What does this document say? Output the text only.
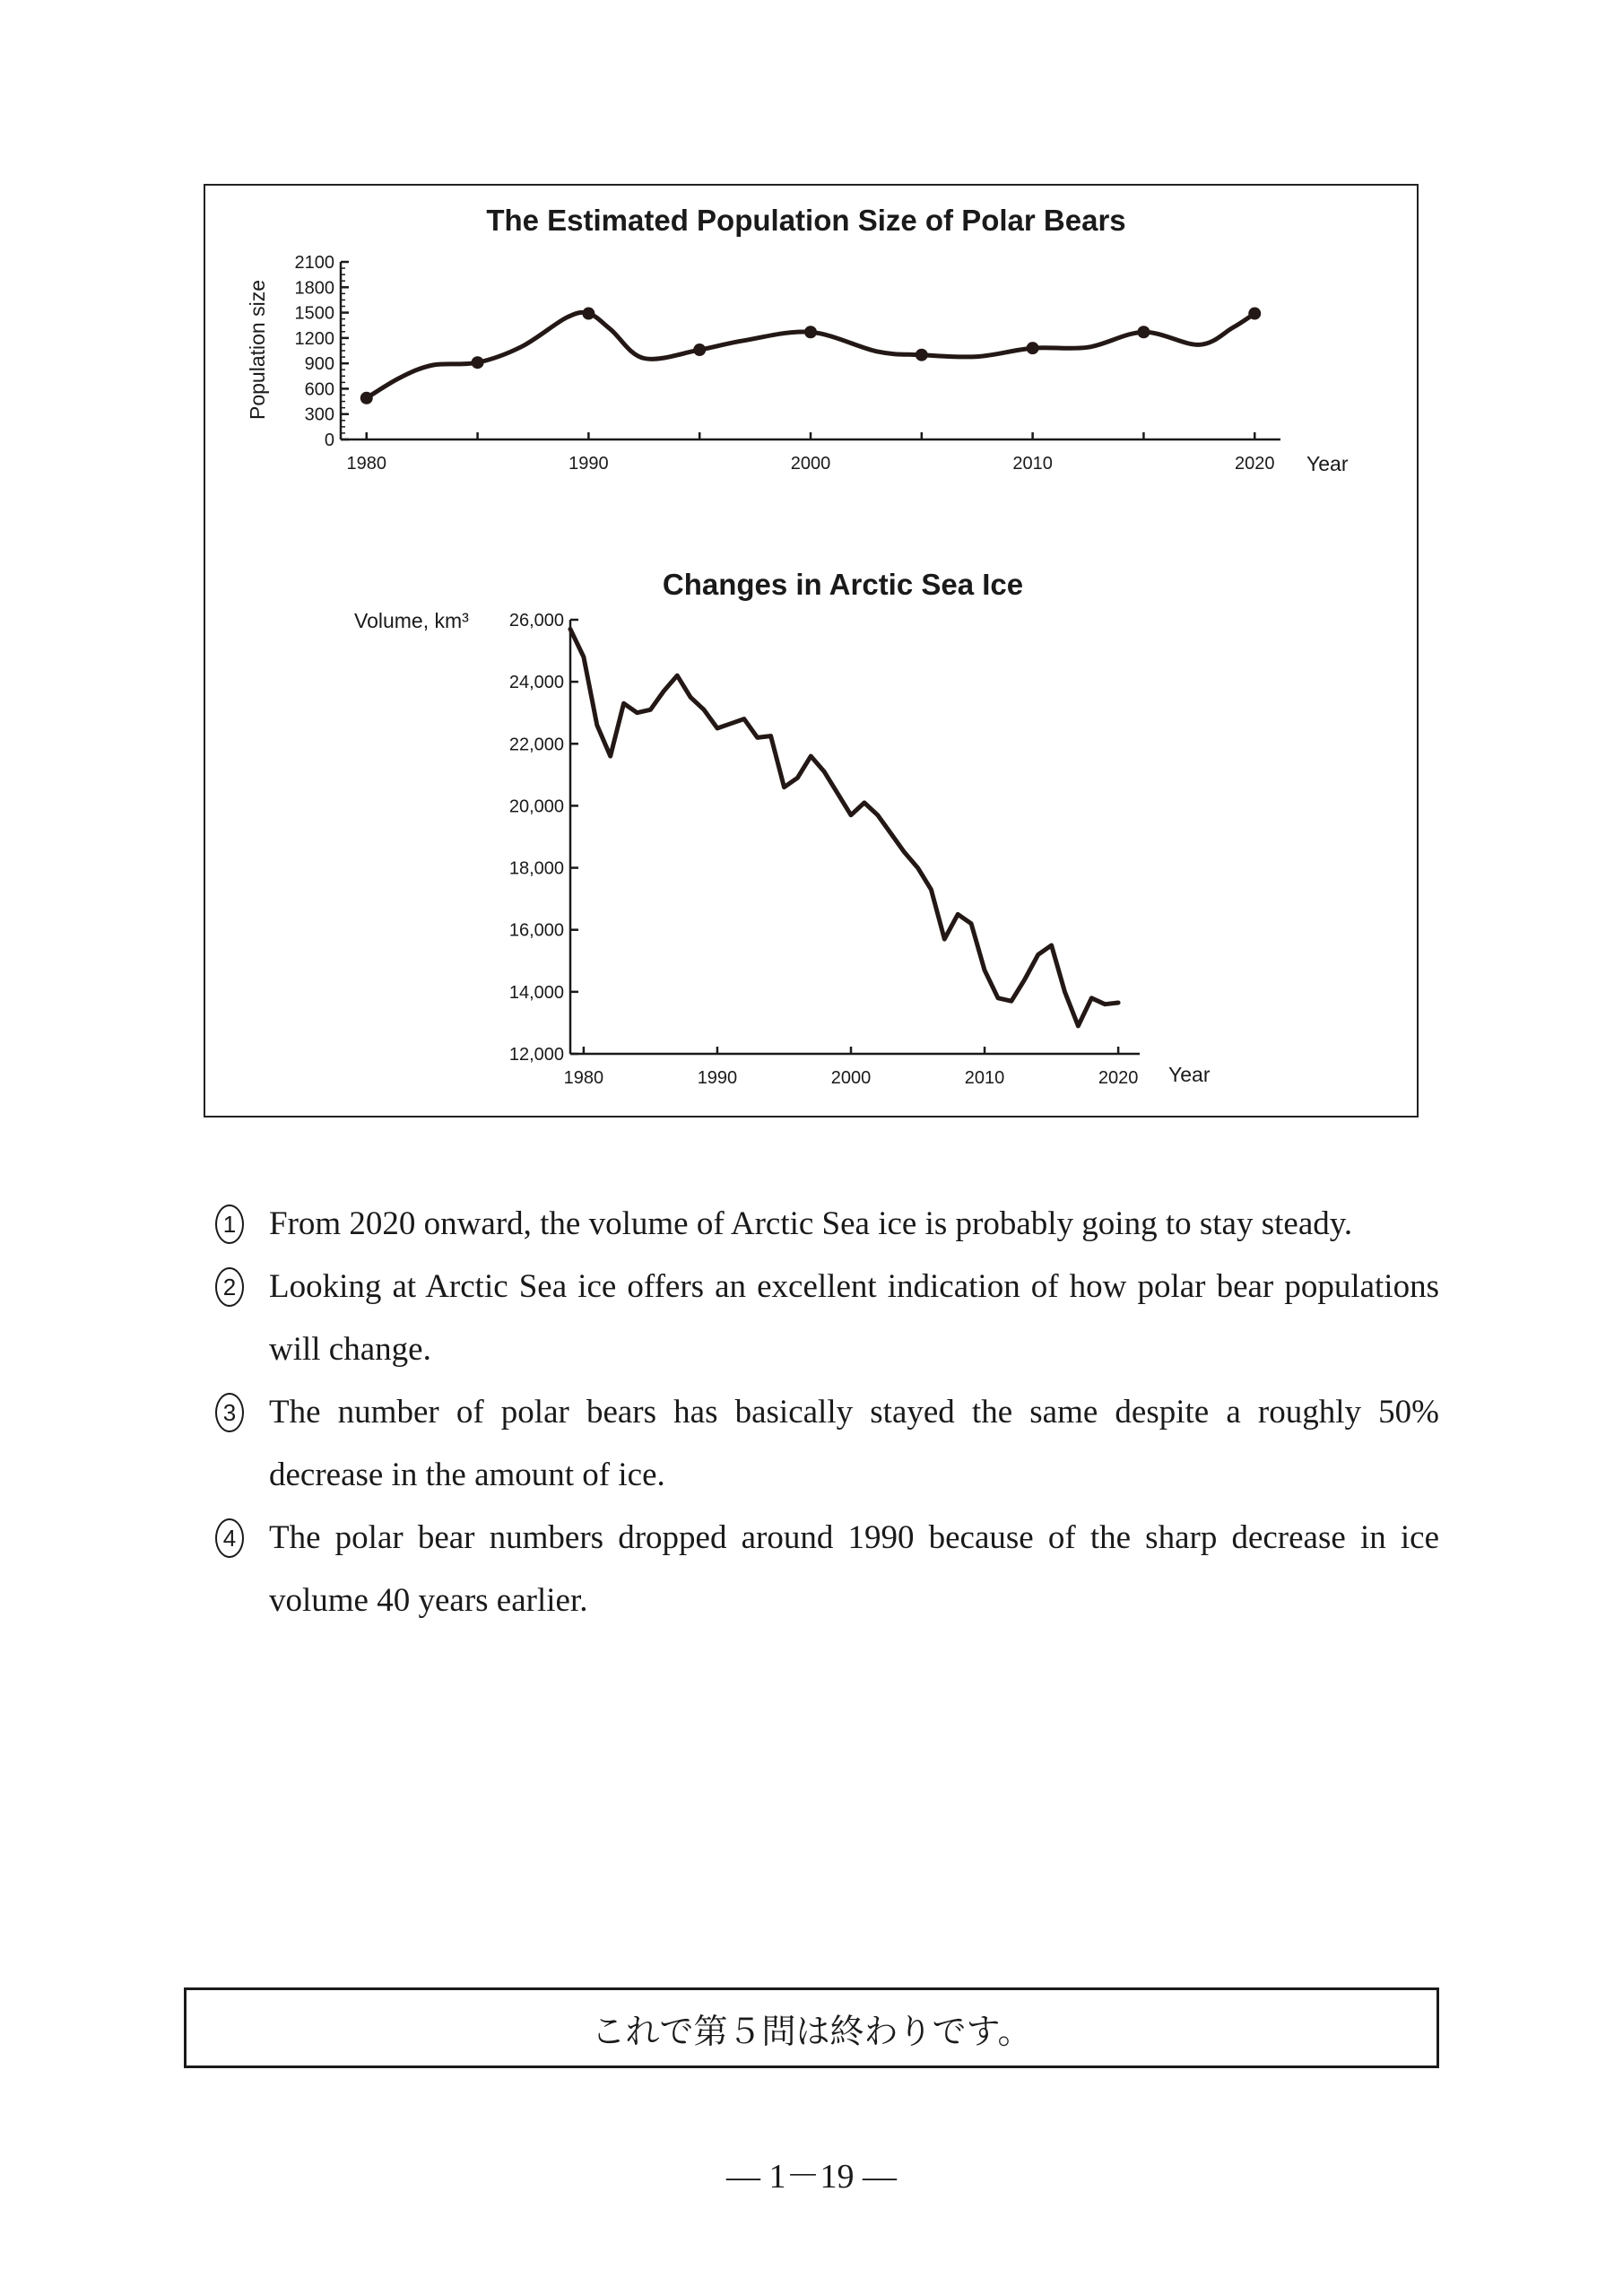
The Estimated Population Size of Polar Bears
Population size
Year
2100
1800
1500
1200
900
600
300
0
1980	1990	2000	2010	2020
Changes in Arctic Sea Ice
Volume, km³
Year
26,000
24,000
22,000
20,000
18,000
16,000
14,000
12,000
1980	1990	2000	2010	2020
1 From 2020 onward, the volume of Arctic Sea ice is probably going to stay steady.
2 Looking at Arctic Sea ice offers an excellent indication of how polar bear populations will change.
3 The number of polar bears has basically stayed the same despite a roughly 50% decrease in the amount of ice.
4 The polar bear numbers dropped around 1990 because of the sharp decrease in ice volume 40 years earlier.
これで第５問は終わりです。
— 1－19 —
